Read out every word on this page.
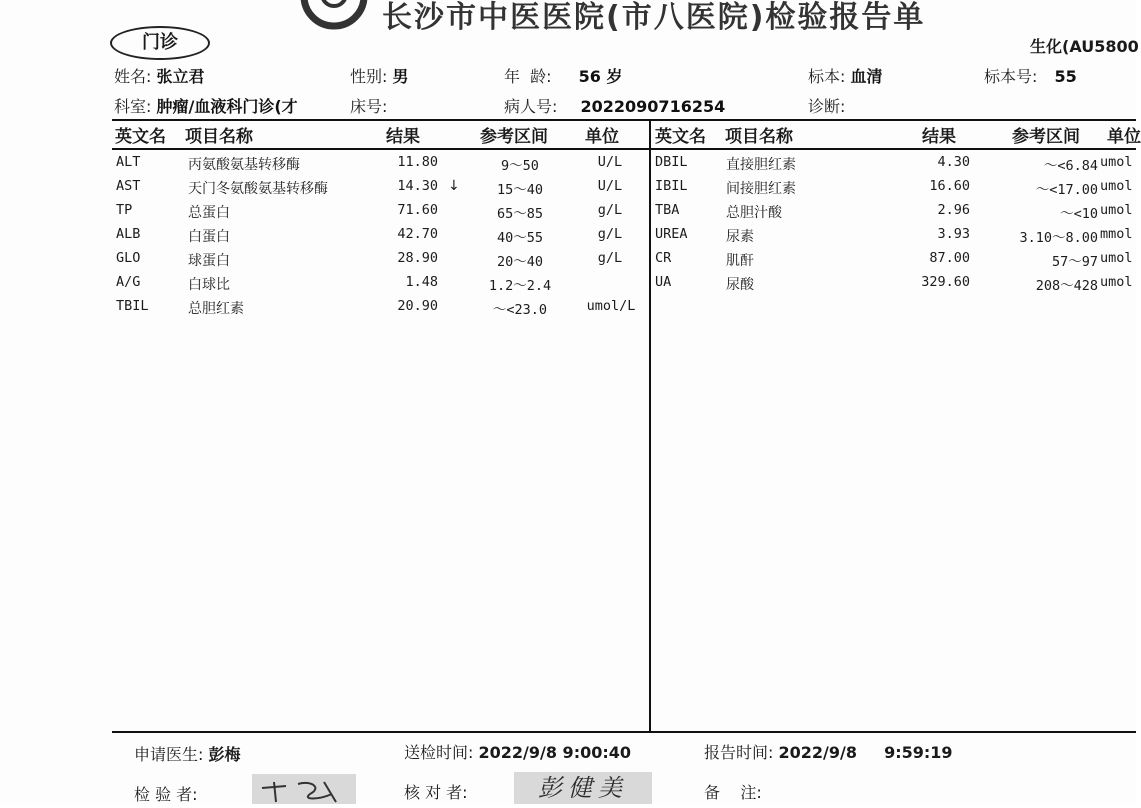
长沙市中医医院(市八医院)检验报告单
门诊	生化(AU5800
姓名: 张立君	性别: 男	年  龄: 56 岁	标本: 血清	标本号: 55
科室: 肿瘤/血液科门诊(才	床号:	病人号: 2022090716254	诊断:
英文名 项目名称	结果	参考区间 单位 英文名 项目名称	结果	参考区间 单位
ALT	丙氨酸氨基转移酶	11.80	9～50	U/L
AST	天门冬氨酸氨基转移酶	14.30 ↓	15～40	U/L
TP	总蛋白	71.60	65～85	g/L
ALB	白蛋白	42.70	40～55	g/L
GLO	球蛋白	28.90	20～40	g/L
A/G	白球比	1.48	1.2～2.4
TBIL	总胆红素	20.90	～<23.0	umol/L
DBIL	直接胆红素	4.30	～<6.84 umol
IBIL	间接胆红素	16.60	～<17.00 umol
TBA	总胆汁酸	2.96	～<10 umol
UREA	尿素	3.93	3.10～8.00 mmol
CR	肌酐	87.00	57～97 umol
UA	尿酸	329.60	208～428 umol
申请医生: 彭梅	送检时间: 2022/9/8 9:00:40	报告时间: 2022/9/8 9:59:19
检 验 者:	核 对 者:	彭健美	备    注:
